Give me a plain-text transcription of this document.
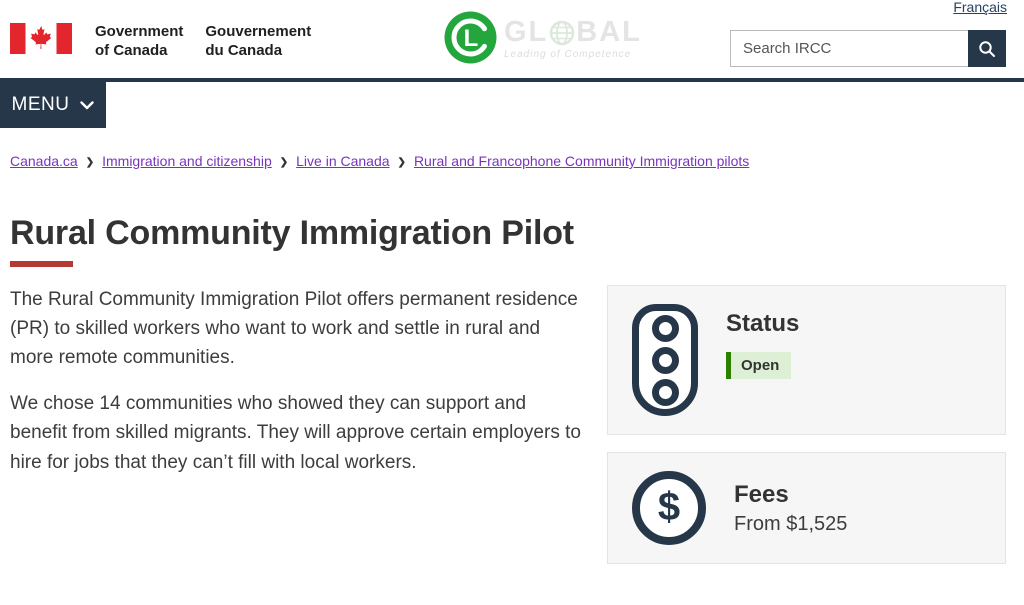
Français
Government
of Canada
Gouvernement
du Canada	L GL BAL
Leading of Competence
Search IRCC
MENU
Canada.ca ❯ Immigration and citizenship ❯ Live in Canada ❯ Rural and Francophone Community Immigration pilots
Rural Community Immigration Pilot

The Rural Community Immigration Pilot offers permanent residence (PR) to skilled workers who want to work and settle in rural and more remote communities.

We chose 14 communities who showed they can support and benefit from skilled migrants. They will approve certain employers to hire for jobs that they can’t fill with local workers.

Status
Open
$ Fees
From $1,525
